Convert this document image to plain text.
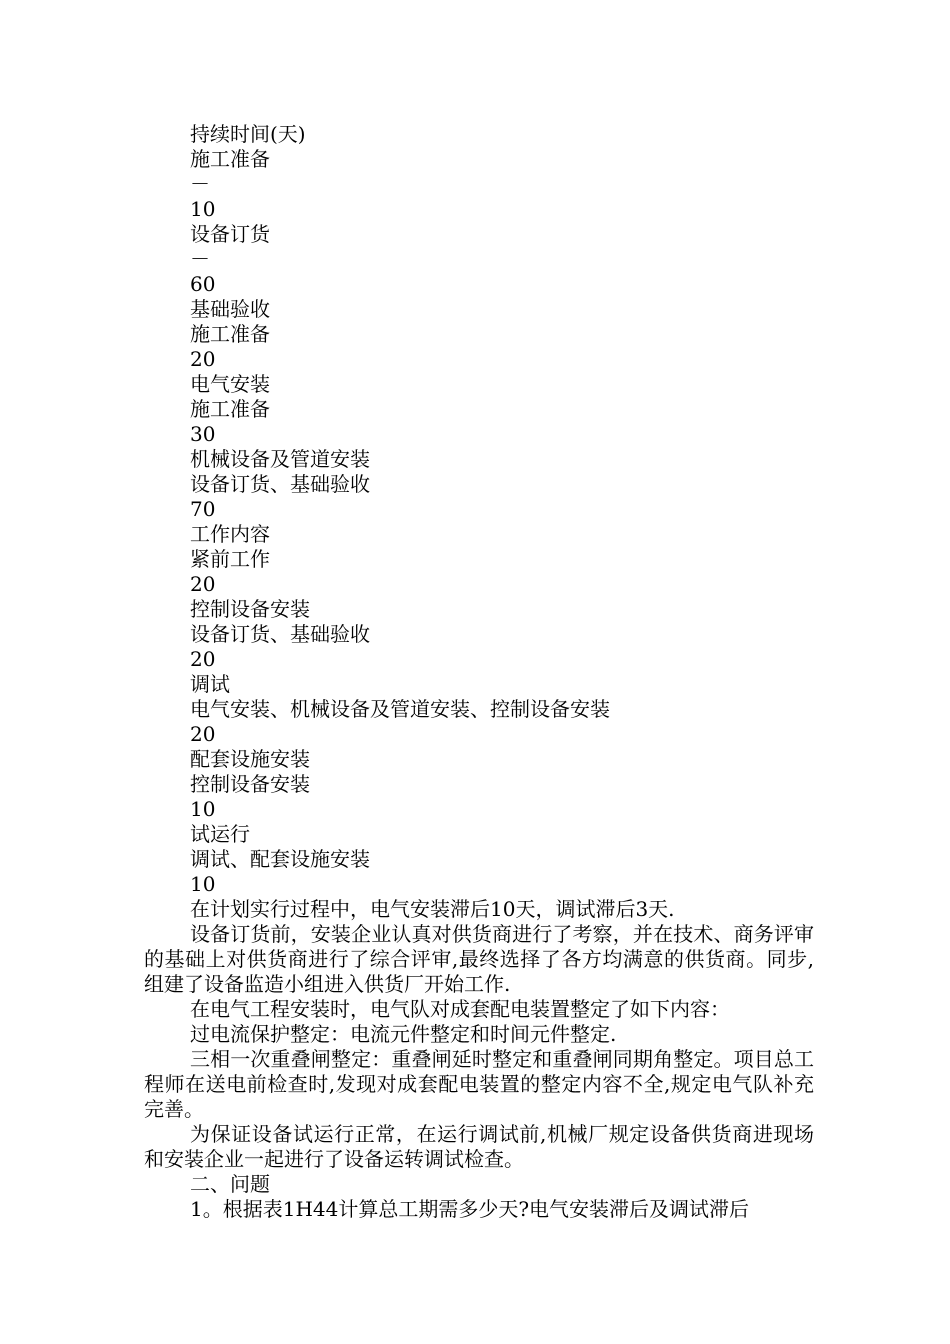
持续时间(天)
施工准备
－
10
设备订货
－
60
基础验收
施工准备
20
电气安装
施工准备
30
机械设备及管道安装
设备订货、基础验收
70
工作内容
紧前工作
20
控制设备安装
设备订货、基础验收
20
调试
电气安装、机械设备及管道安装、控制设备安装
20
配套设施安装
控制设备安装
10
试运行
调试、配套设施安装
10

在计划实行过程中，电气安装滞后10天，调试滞后3天.

设备订货前，安装企业认真对供货商进行了考察，并在技术、商务评审的基础上对供货商进行了综合评审,最终选择了各方均满意的供货商。同步,组建了设备监造小组进入供货厂开始工作.

在电气工程安装时，电气队对成套配电装置整定了如下内容：

过电流保护整定：电流元件整定和时间元件整定.

三相一次重叠闸整定：重叠闸延时整定和重叠闸同期角整定。项目总工程师在送电前检查时,发现对成套配电装置的整定内容不全,规定电气队补充完善。

为保证设备试运行正常，在运行调试前,机械厂规定设备供货商进现场和安装企业一起进行了设备运转调试检查。

二、问题

1。根据表1H44计算总工期需多少天?电气安装滞后及调试滞后
